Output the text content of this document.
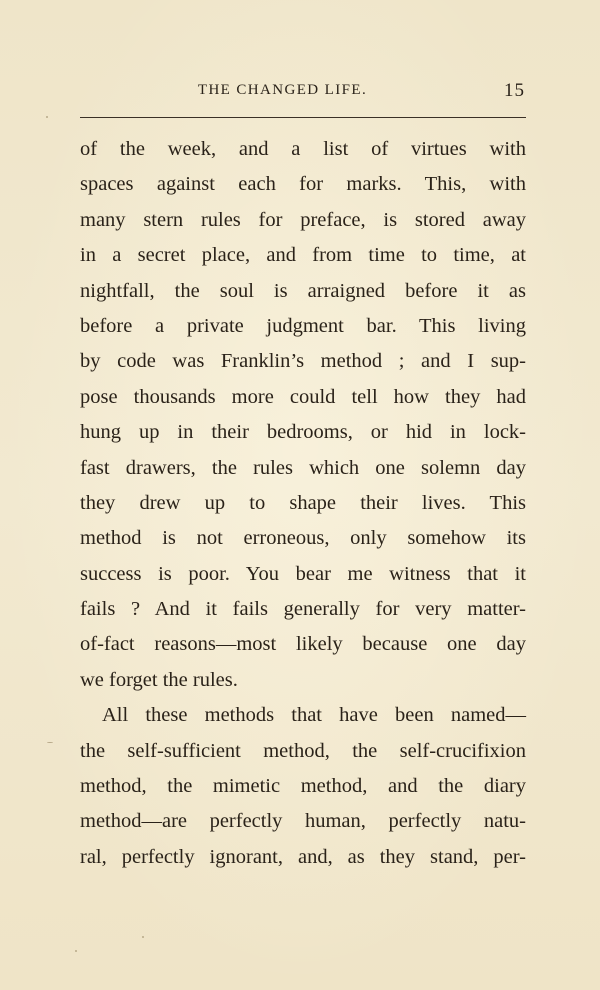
THE CHANGED LIFE.	15
of the week, and a list of virtues with
spaces against each for marks. This, with
many stern rules for preface, is stored away
in a secret place, and from time to time, at
nightfall, the soul is arraigned before it as
before a private judgment bar. This living
by code was Franklin’s method ; and I sup-
pose thousands more could tell how they had
hung up in their bedrooms, or hid in lock-
fast drawers, the rules which one solemn day
they drew up to shape their lives. This
method is not erroneous, only somehow its
success is poor. You bear me witness that it
fails ? And it fails generally for very matter-
of-fact reasons—most likely because one day
we forget the rules.
All these methods that have been named—
the self-sufficient method, the self-crucifixion
method, the mimetic method, and the diary
method—are perfectly human, perfectly natu-
ral, perfectly ignorant, and, as they stand, per-
